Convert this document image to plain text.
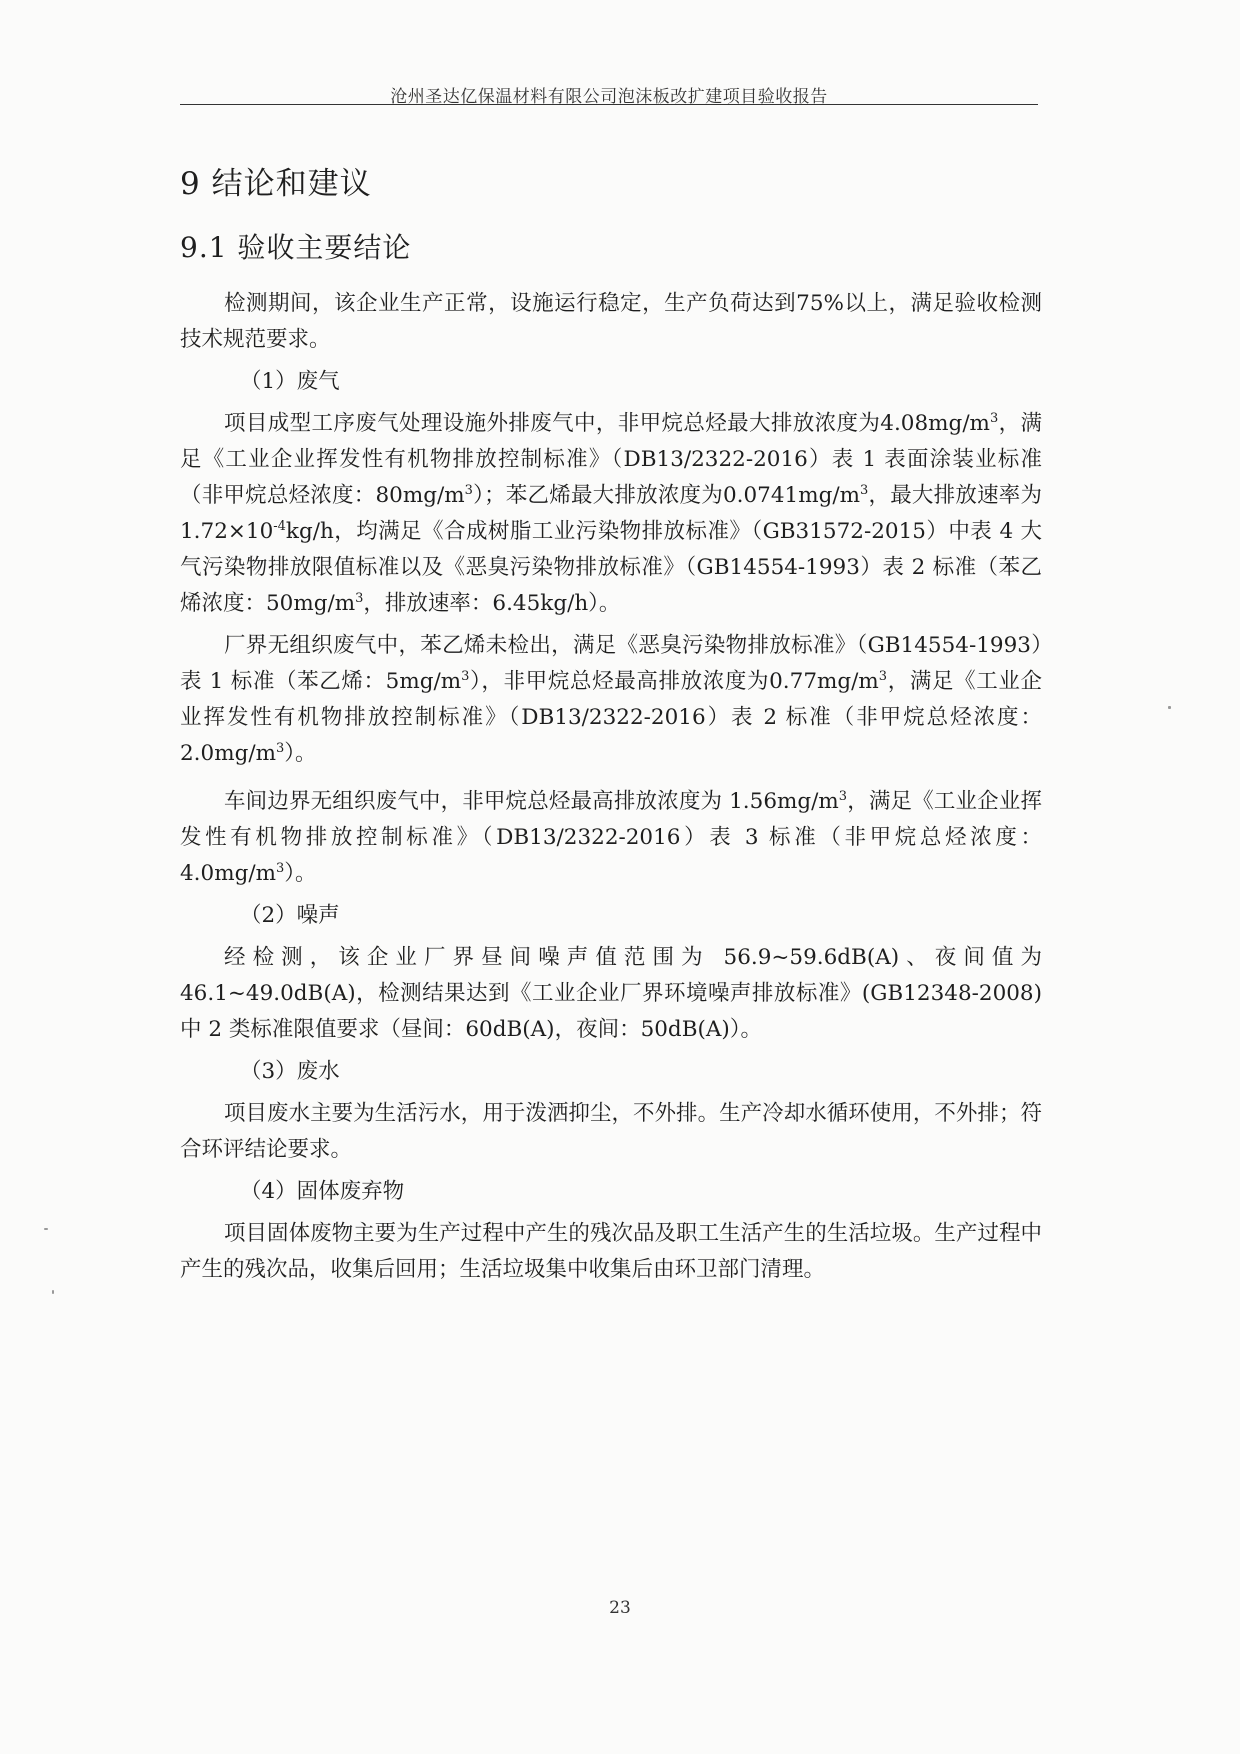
沧州圣达亿保温材料有限公司泡沫板改扩建项目验收报告
9 结论和建议
9.1 验收主要结论

检测期间，该企业生产正常，设施运行稳定，生产负荷达到75%以上，满足验收检测技术规范要求。

（1）废气

项目成型工序废气处理设施外排废气中，非甲烷总烃最大排放浓度为$4.08mg/m^3$，满足《工业企业挥发性有机物排放控制标准》（DB13/2322-2016）表 1 表面涂装业标准（非甲烷总烃浓度：$80mg/m^3$）；苯乙烯最大排放浓度为$0.0741mg/m^3$，最大排放速率为 $1.72\times 10^{-4}kg/h$，均满足《合成树脂工业污染物排放标准》（GB31572-2015）中表 4 大气污染物排放限值标准以及《恶臭污染物排放标准》（GB14554-1993）表 2 标准（苯乙烯浓度：$50mg/m^3$，排放速率：6.45kg/h）。

厂界无组织废气中，苯乙烯未检出，满足《恶臭污染物排放标准》（GB14554-1993）表 1 标准（苯乙烯：$5mg/m^3$），非甲烷总烃最高排放浓度为$0.77mg/m^3$，满足《工业企业挥发性有机物排放控制标准》（DB13/2322-2016）表 2 标准（非甲烷总烃浓度：$2.0mg/m^3$）。

车间边界无组织废气中，非甲烷总烃最高排放浓度为 $1.56mg/m^3$，满足《工业企业挥发性有机物排放控制标准》（DB13/2322-2016）表 3 标准（非甲烷总烃浓度：$4.0mg/m^3$）。

（2）噪声

经检测，该企业厂界昼间噪声值范围为 56.9~59.6dB(A)、夜间值为46.1~49.0dB(A)，检测结果达到《工业企业厂界环境噪声排放标准》(GB12348-2008) 中 2 类标准限值要求（昼间：60dB(A)，夜间：50dB(A)）。

（3）废水

项目废水主要为生活污水，用于泼洒抑尘，不外排。生产冷却水循环使用，不外排；符合环评结论要求。

（4）固体废弃物

项目固体废物主要为生产过程中产生的残次品及职工生活产生的生活垃圾。生产过程中产生的残次品，收集后回用；生活垃圾集中收集后由环卫部门清理。

23
